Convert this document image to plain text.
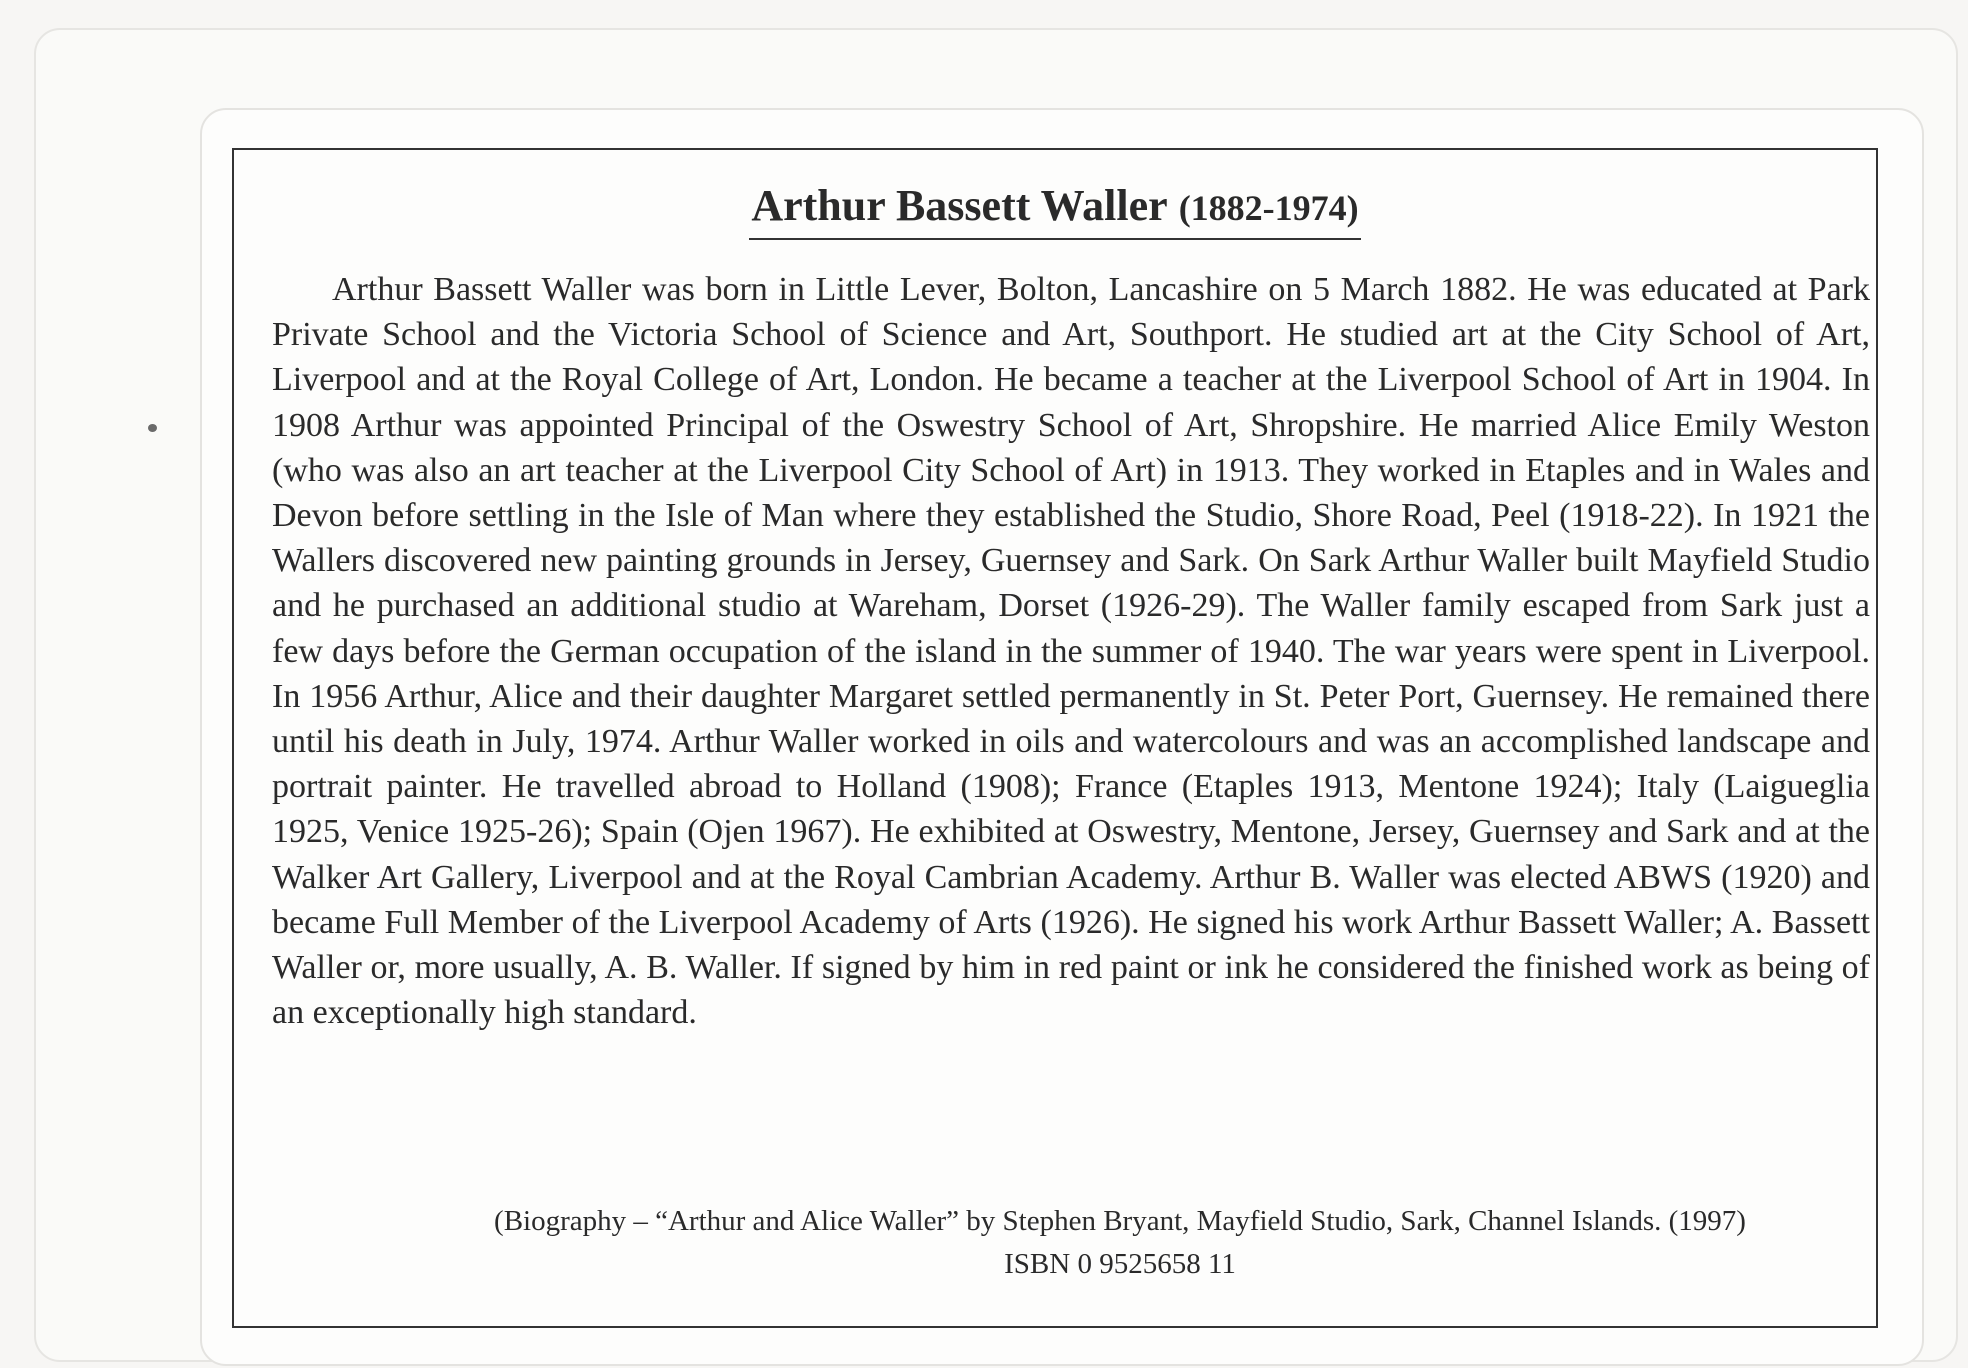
Arthur Bassett Waller (1882-1974)

Arthur Bassett Waller was born in Little Lever, Bolton, Lancashire on 5 March 1882. He was educated at Park Private School and the Victoria School of Science and Art, Southport. He studied art at the City School of Art, Liverpool and at the Royal College of Art, London. He became a teacher at the Liverpool School of Art in 1904. In 1908 Arthur was appointed Principal of the Oswestry School of Art, Shropshire. He married Alice Emily Weston (who was also an art teacher at the Liverpool City School of Art) in 1913. They worked in Etaples and in Wales and Devon before settling in the Isle of Man where they established the Studio, Shore Road, Peel (1918-22). In 1921 the Wallers discovered new painting grounds in Jersey, Guernsey and Sark. On Sark Arthur Waller built Mayfield Studio and he purchased an additional studio at Wareham, Dorset (1926-29). The Waller family escaped from Sark just a few days before the German occupation of the island in the summer of 1940. The war years were spent in Liverpool. In 1956 Arthur, Alice and their daughter Margaret settled permanently in St. Peter Port, Guernsey. He remained there until his death in July, 1974. Arthur Waller worked in oils and watercolours and was an accomplished landscape and portrait painter. He travelled abroad to Holland (1908); France (Etaples 1913, Mentone 1924); Italy (Laigueglia 1925, Venice 1925-26); Spain (Ojen 1967). He exhibited at Oswestry, Mentone, Jersey, Guernsey and Sark and at the Walker Art Gallery, Liverpool and at the Royal Cambrian Academy. Arthur B. Waller was elected ABWS (1920) and became Full Member of the Liverpool Academy of Arts (1926). He signed his work Arthur Bassett Waller; A. Bassett Waller or, more usually, A. B. Waller. If signed by him in red paint or ink he considered the finished work as being of an exceptionally high standard.

(Biography – “Arthur and Alice Waller” by Stephen Bryant, Mayfield Studio, Sark, Channel Islands. (1997)
ISBN 0 9525658 11
